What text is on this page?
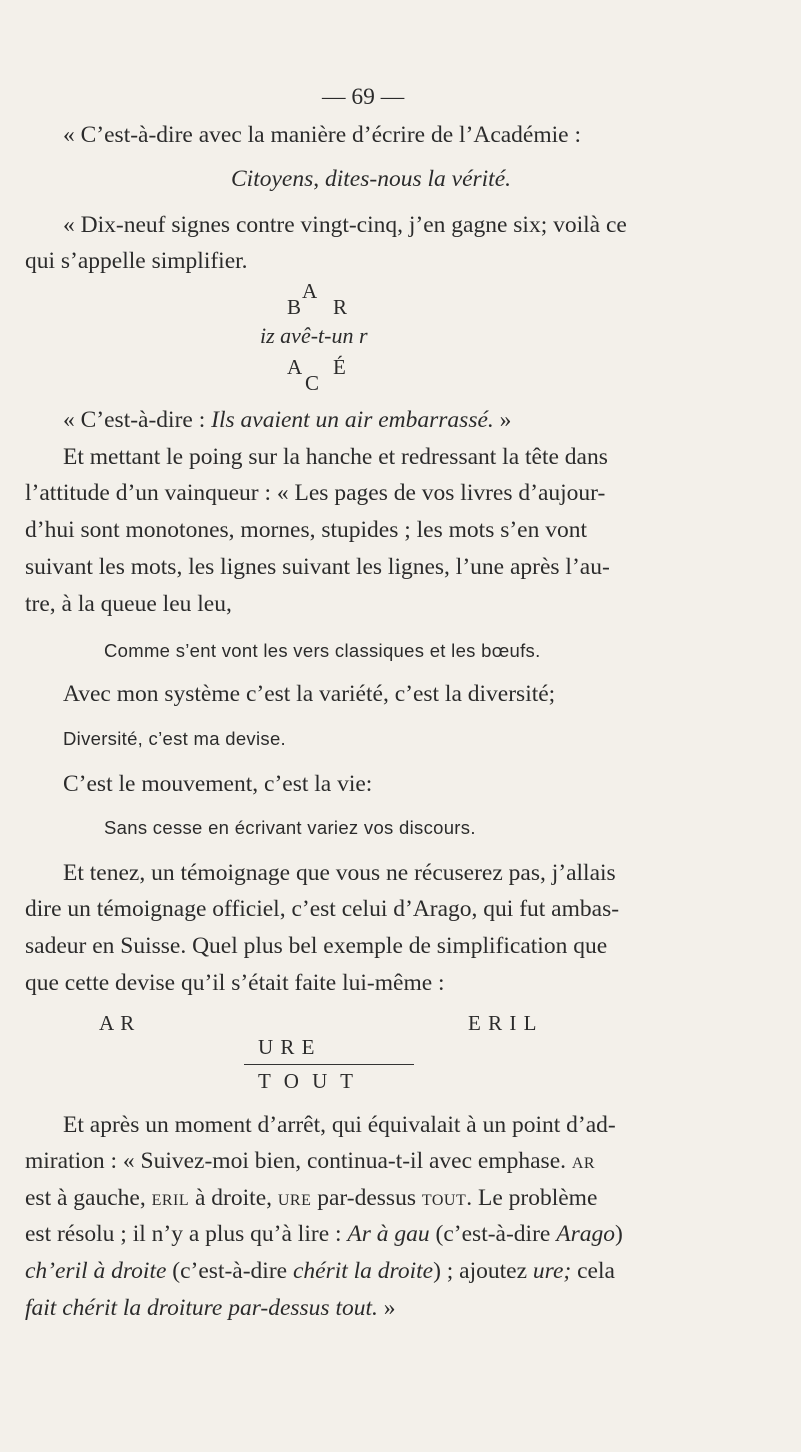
— 69 —
« C’est-à-dire avec la manière d’écrire de l’Académie :
Citoyens, dites-nous la vérité.
« Dix-neuf signes contre vingt-cinq, j’en gagne six; voilà ce
qui s’appelle simplifier.
A
B R
iz avê-t-un r
A É
C
« C’est-à-dire : Ils avaient un air embarrassé. »
Et mettant le poing sur la hanche et redressant la tête dans
l’attitude d’un vainqueur : « Les pages de vos livres d’aujour-
d’hui sont monotones, mornes, stupides ; les mots s’en vont
suivant les mots, les lignes suivant les lignes, l’une après l’au-
tre, à la queue leu leu,
Comme s’ent vont les vers classiques et les bœufs.
Avec mon système c’est la variété, c’est la diversité;
Diversité, c’est ma devise.
C’est le mouvement, c’est la vie:
Sans cesse en écrivant variez vos discours.
Et tenez, un témoignage que vous ne récuserez pas, j’allais
dire un témoignage officiel, c’est celui d’Arago, qui fut ambas-
sadeur en Suisse. Quel plus bel exemple de simplification que
que cette devise qu’il s’était faite lui-même :
A R	E R I L
U R E
T O U T
Et après un moment d’arrêt, qui équivalait à un point d’ad-
miration : « Suivez-moi bien, continua-t-il avec emphase. ar
est à gauche, eril à droite, ure par-dessus tout. Le problème
est résolu ; il n’y a plus qu’à lire : Ar à gau (c’est-à-dire Arago)
ch’eril à droite (c’est-à-dire chérit la droite) ; ajoutez ure; cela
fait chérit la droiture par-dessus tout. »
